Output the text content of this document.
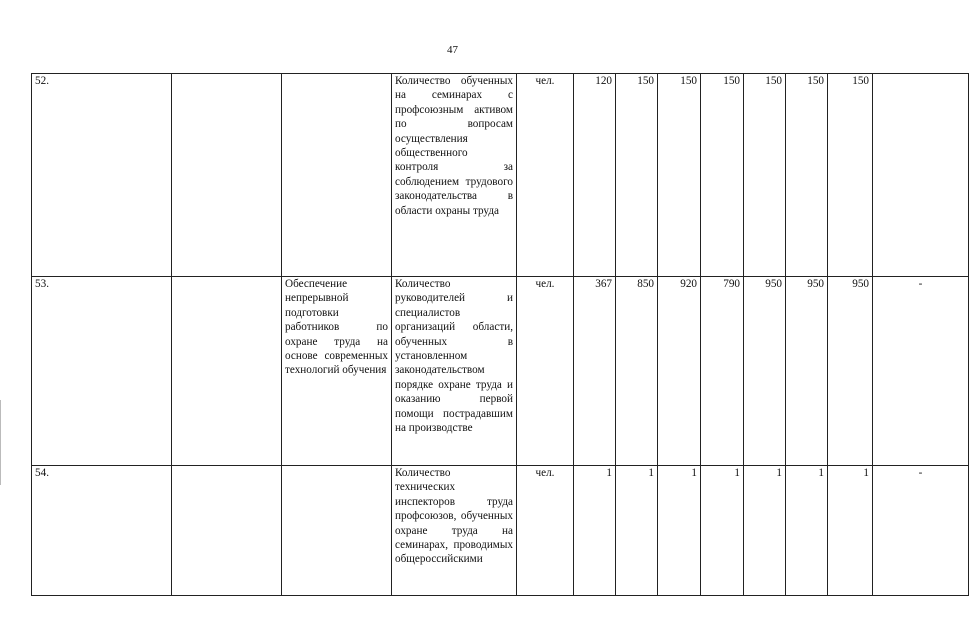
47
52.			Количество обученных на семинарах с профсоюзным активом по вопросам осуществления общественного контроля за соблюдением трудового законодательства в области охраны труда	чел.	120	150	150	150	150	150	150	
53.		Обеспечение непрерывной подготовки работников по охране труда на основе современных технологий обучения	Количество руководителей и специалистов организаций области, обученных в установленном законодательством порядке охране труда и оказанию первой помощи пострадавшим на производстве	чел.	367	850	920	790	950	950	950	-
54.			Количество технических инспекторов труда профсоюзов, обученных охране труда на семинарах, проводимых общероссийскими	чел.	1	1	1	1	1	1	1	-
